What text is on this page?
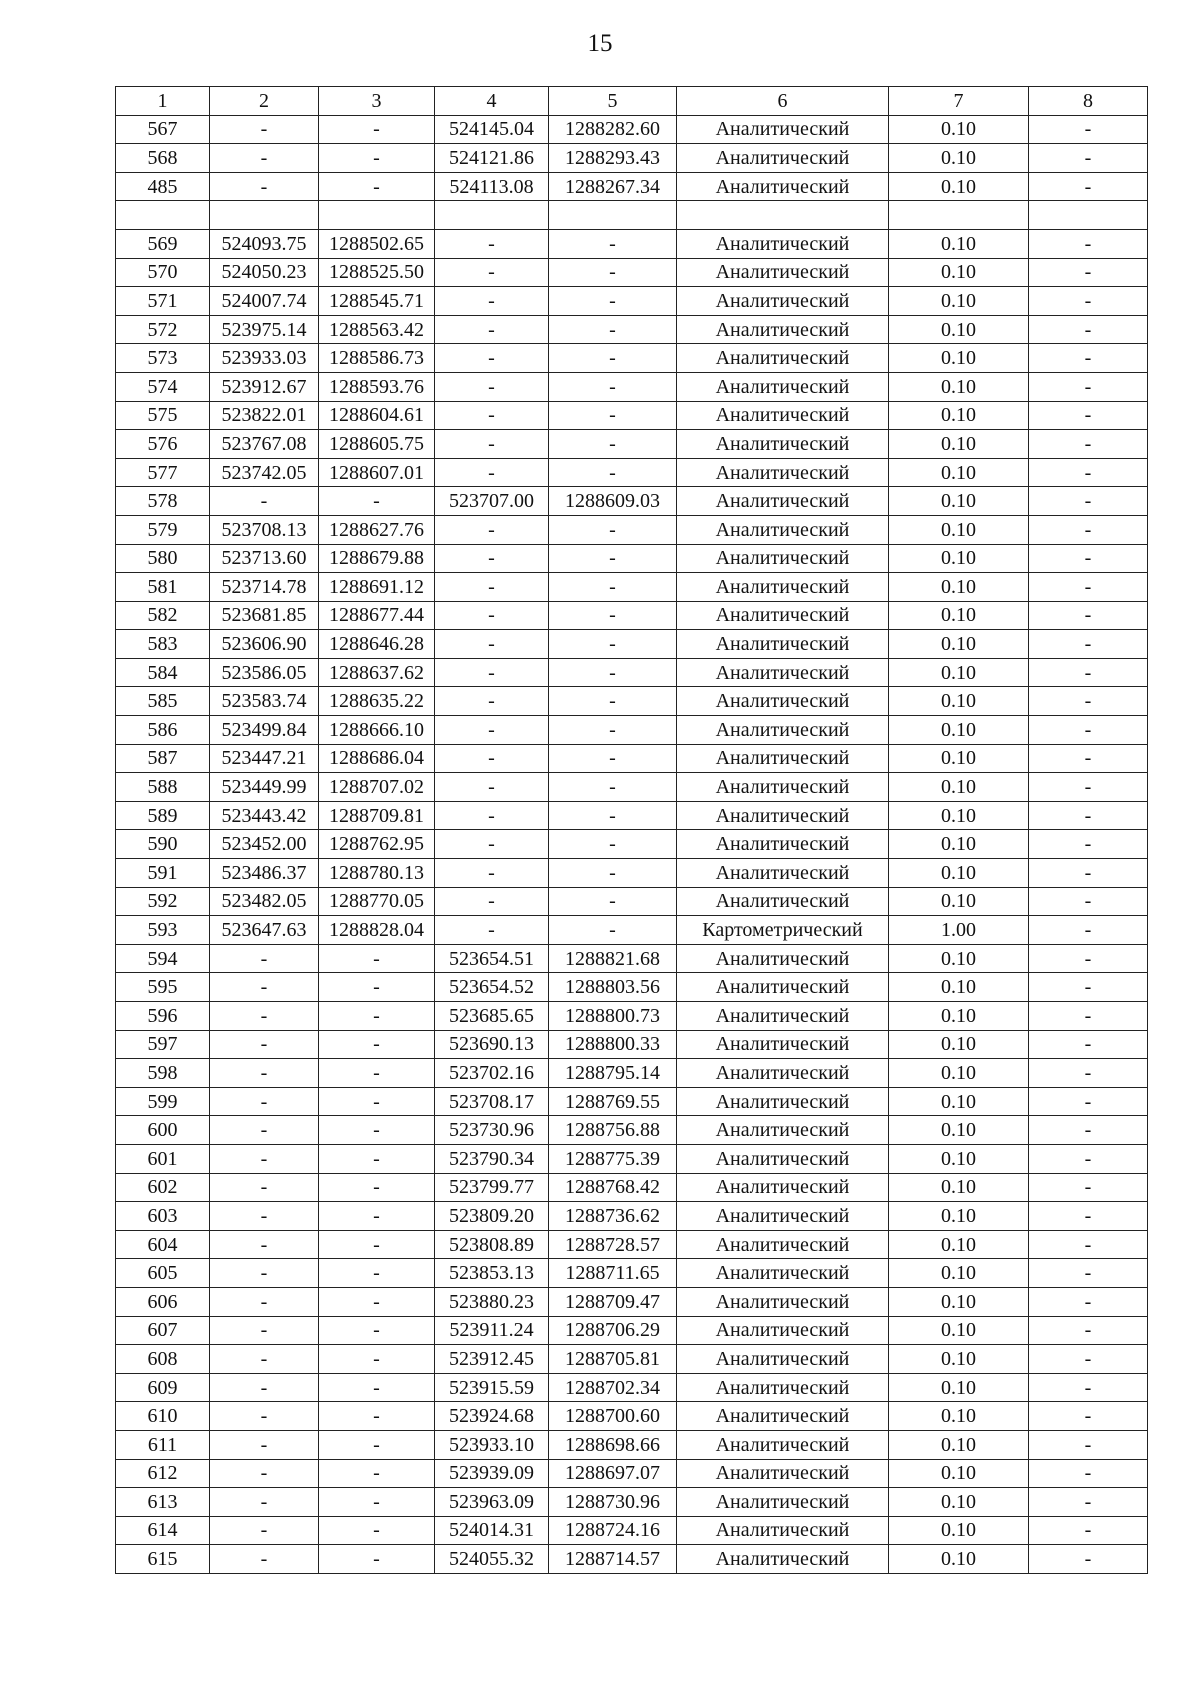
15
1	2	3	4	5	6	7	8
567	-	-	524145.04	1288282.60	Аналитический	0.10	-
568	-	-	524121.86	1288293.43	Аналитический	0.10	-
485	-	-	524113.08	1288267.34	Аналитический	0.10	-

569	524093.75	1288502.65	-	-	Аналитический	0.10	-
570	524050.23	1288525.50	-	-	Аналитический	0.10	-
571	524007.74	1288545.71	-	-	Аналитический	0.10	-
572	523975.14	1288563.42	-	-	Аналитический	0.10	-
573	523933.03	1288586.73	-	-	Аналитический	0.10	-
574	523912.67	1288593.76	-	-	Аналитический	0.10	-
575	523822.01	1288604.61	-	-	Аналитический	0.10	-
576	523767.08	1288605.75	-	-	Аналитический	0.10	-
577	523742.05	1288607.01	-	-	Аналитический	0.10	-
578	-	-	523707.00	1288609.03	Аналитический	0.10	-
579	523708.13	1288627.76	-	-	Аналитический	0.10	-
580	523713.60	1288679.88	-	-	Аналитический	0.10	-
581	523714.78	1288691.12	-	-	Аналитический	0.10	-
582	523681.85	1288677.44	-	-	Аналитический	0.10	-
583	523606.90	1288646.28	-	-	Аналитический	0.10	-
584	523586.05	1288637.62	-	-	Аналитический	0.10	-
585	523583.74	1288635.22	-	-	Аналитический	0.10	-
586	523499.84	1288666.10	-	-	Аналитический	0.10	-
587	523447.21	1288686.04	-	-	Аналитический	0.10	-
588	523449.99	1288707.02	-	-	Аналитический	0.10	-
589	523443.42	1288709.81	-	-	Аналитический	0.10	-
590	523452.00	1288762.95	-	-	Аналитический	0.10	-
591	523486.37	1288780.13	-	-	Аналитический	0.10	-
592	523482.05	1288770.05	-	-	Аналитический	0.10	-
593	523647.63	1288828.04	-	-	Картометрический	1.00	-
594	-	-	523654.51	1288821.68	Аналитический	0.10	-
595	-	-	523654.52	1288803.56	Аналитический	0.10	-
596	-	-	523685.65	1288800.73	Аналитический	0.10	-
597	-	-	523690.13	1288800.33	Аналитический	0.10	-
598	-	-	523702.16	1288795.14	Аналитический	0.10	-
599	-	-	523708.17	1288769.55	Аналитический	0.10	-
600	-	-	523730.96	1288756.88	Аналитический	0.10	-
601	-	-	523790.34	1288775.39	Аналитический	0.10	-
602	-	-	523799.77	1288768.42	Аналитический	0.10	-
603	-	-	523809.20	1288736.62	Аналитический	0.10	-
604	-	-	523808.89	1288728.57	Аналитический	0.10	-
605	-	-	523853.13	1288711.65	Аналитический	0.10	-
606	-	-	523880.23	1288709.47	Аналитический	0.10	-
607	-	-	523911.24	1288706.29	Аналитический	0.10	-
608	-	-	523912.45	1288705.81	Аналитический	0.10	-
609	-	-	523915.59	1288702.34	Аналитический	0.10	-
610	-	-	523924.68	1288700.60	Аналитический	0.10	-
611	-	-	523933.10	1288698.66	Аналитический	0.10	-
612	-	-	523939.09	1288697.07	Аналитический	0.10	-
613	-	-	523963.09	1288730.96	Аналитический	0.10	-
614	-	-	524014.31	1288724.16	Аналитический	0.10	-
615	-	-	524055.32	1288714.57	Аналитический	0.10	-
